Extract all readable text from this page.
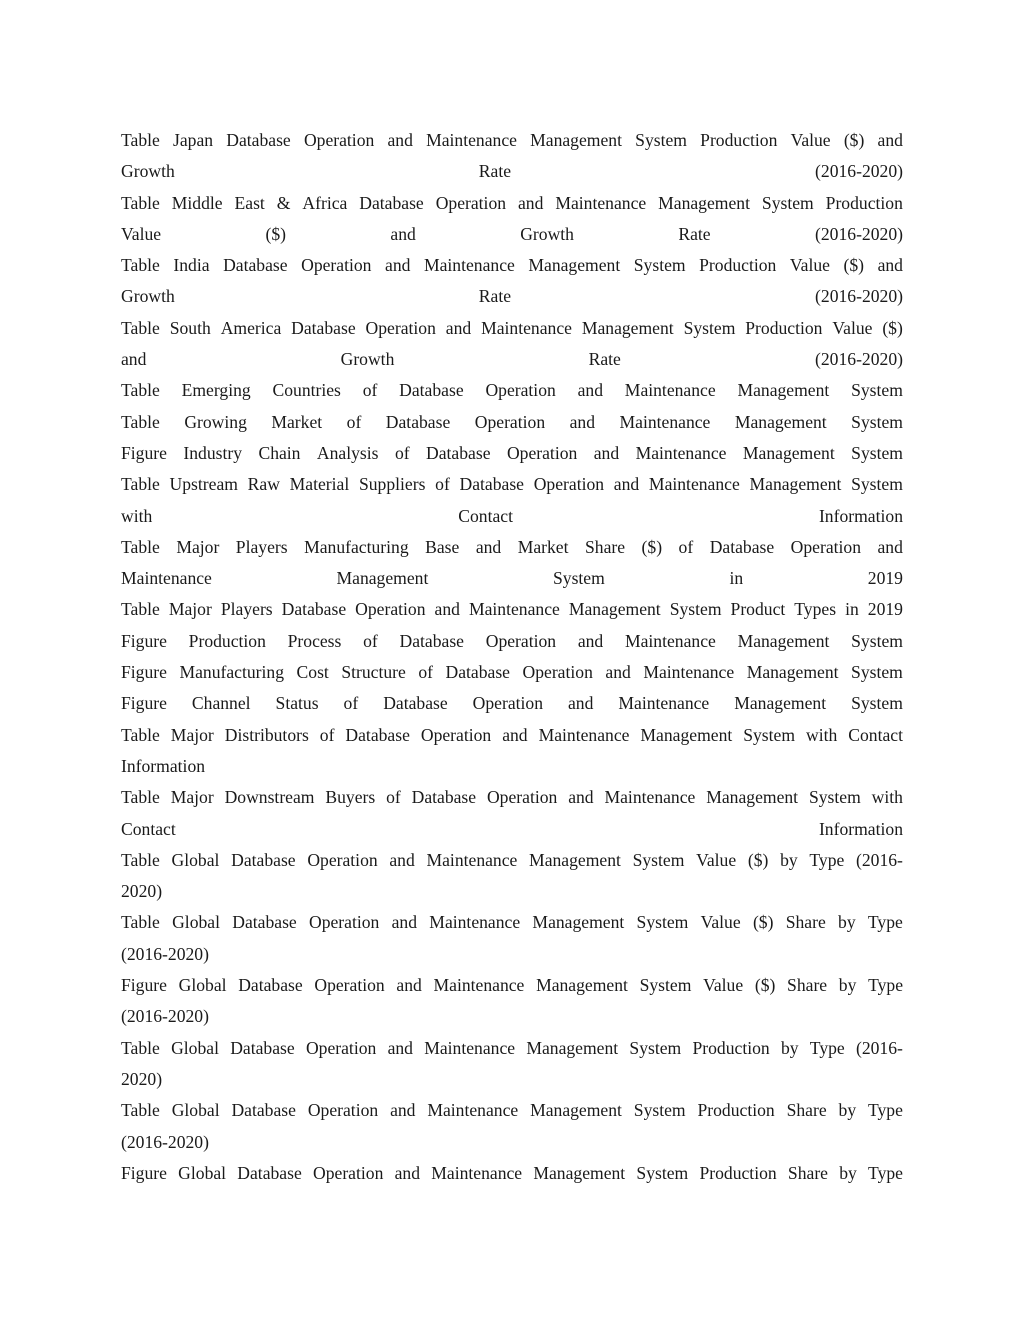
Table Japan Database Operation and Maintenance Management System Production Value ($) and
Growth	Rate	(2016-2020)
Table Middle East & Africa Database Operation and Maintenance Management System Production
Value	($)	and	Growth	Rate	(2016-2020)
Table India Database Operation and Maintenance Management System Production Value ($) and
Growth	Rate	(2016-2020)
Table South America Database Operation and Maintenance Management System Production Value ($)
and	Growth	Rate	(2016-2020)
Table Emerging Countries of Database Operation and Maintenance Management System
Table Growing Market of Database Operation and Maintenance Management System
Figure Industry Chain Analysis of Database Operation and Maintenance Management System
Table Upstream Raw Material Suppliers of Database Operation and Maintenance Management System
with	Contact	Information
Table Major Players Manufacturing Base and Market Share ($) of Database Operation and
Maintenance	Management	System	in	2019
Table Major Players Database Operation and Maintenance Management System Product Types in 2019
Figure Production Process of Database Operation and Maintenance Management System
Figure Manufacturing Cost Structure of Database Operation and Maintenance Management System
Figure Channel Status of Database Operation and Maintenance Management System
Table Major Distributors of Database Operation and Maintenance Management System with Contact
Information
Table Major Downstream Buyers of Database Operation and Maintenance Management System with
Contact	Information
Table Global Database Operation and Maintenance Management System Value ($) by Type (2016-
2020)
Table Global Database Operation and Maintenance Management System Value ($) Share by Type
(2016-2020)
Figure Global Database Operation and Maintenance Management System Value ($) Share by Type
(2016-2020)
Table Global Database Operation and Maintenance Management System Production by Type (2016-
2020)
Table Global Database Operation and Maintenance Management System Production Share by Type
(2016-2020)
Figure Global Database Operation and Maintenance Management System Production Share by Type
